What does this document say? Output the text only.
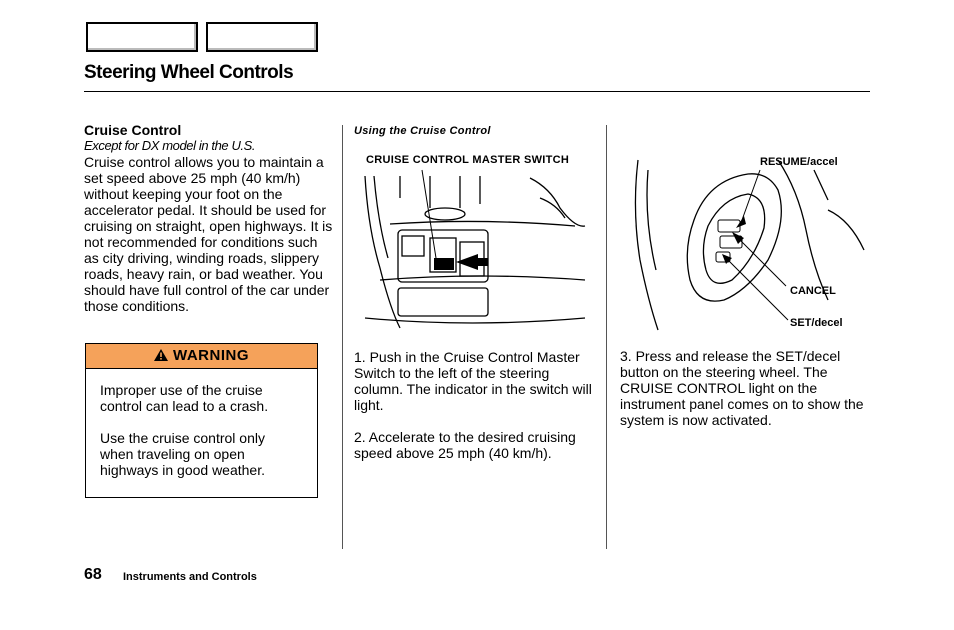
Steering Wheel Controls
Cruise Control
Except for DX model in the U.S.
Cruise control allows you to maintain a set speed above 25 mph (40 km/h) without keeping your foot on the accelerator pedal. It should be used for cruising on straight, open highways. It is not recommended for conditions such as city driving, winding roads, slippery roads, heavy rain, or bad weather. You should have full control of the car under those conditions.
WARNING
Improper use of the cruise control can lead to a crash.
Use the cruise control only when traveling on open highways in good weather.
Using the Cruise Control
CRUISE CONTROL MASTER SWITCH
1. Push in the Cruise Control Master Switch to the left of the steering column. The indicator in the switch will light.
2. Accelerate to the desired cruising speed above 25 mph (40 km/h).
RESUME/accel
CANCEL
SET/decel
3. Press and release the SET/decel button on the steering wheel. The CRUISE CONTROL light on the instrument panel comes on to show the system is now activated.
68 Instruments and Controls
